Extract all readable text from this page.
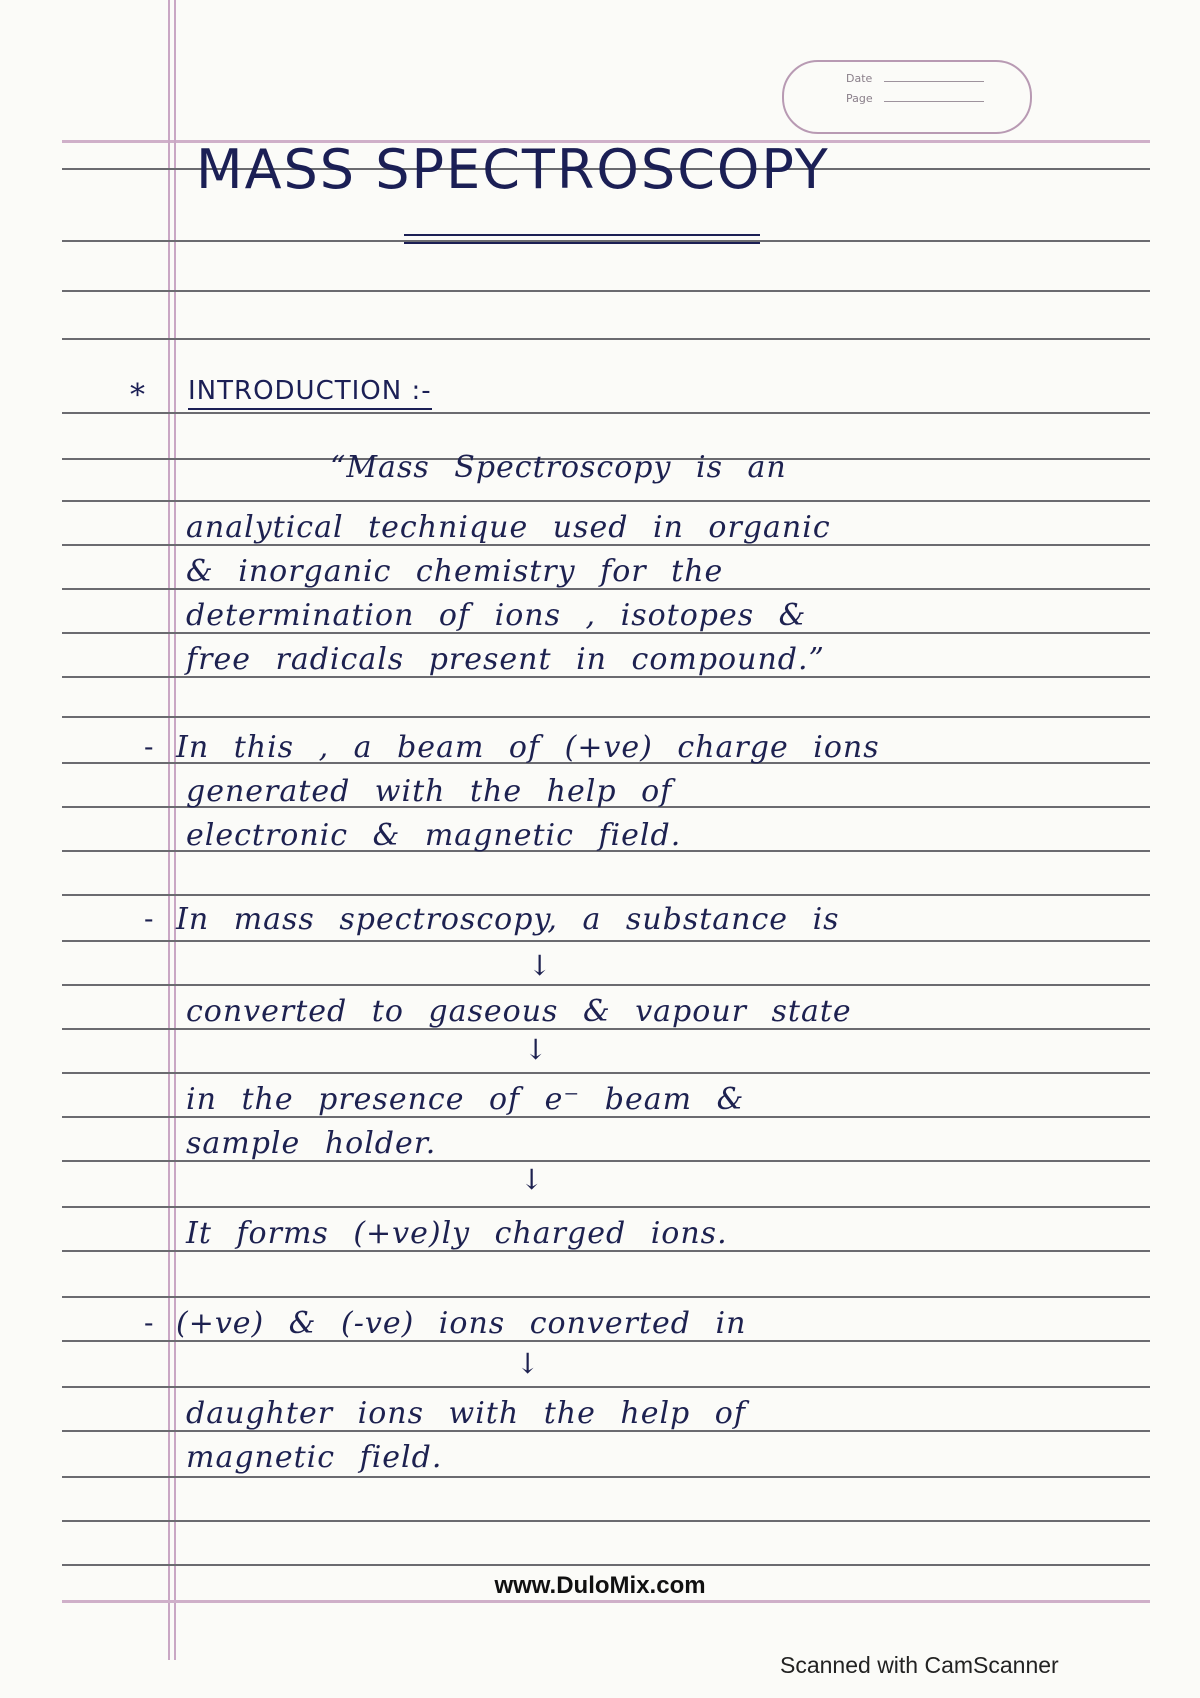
Date
Page
MASS SPECTROSCOPY
* INTRODUCTION :-
“Mass Spectroscopy is an
analytical technique used in organic
& inorganic chemistry for the
determination of ions , isotopes &
free radicals present in compound.”
- In this , a beam of (+ve) charge ions
generated with the help of
electronic & magnetic field.
- In mass spectroscopy, a substance is
↓
converted to gaseous & vapour state
↓
in the presence of e⁻ beam &
sample holder.
↓
It forms (+ve)ly charged ions.
- (+ve) & (-ve) ions converted in
↓
daughter ions with the help of
magnetic field.
www.DuloMix.com
Scanned with CamScanner
